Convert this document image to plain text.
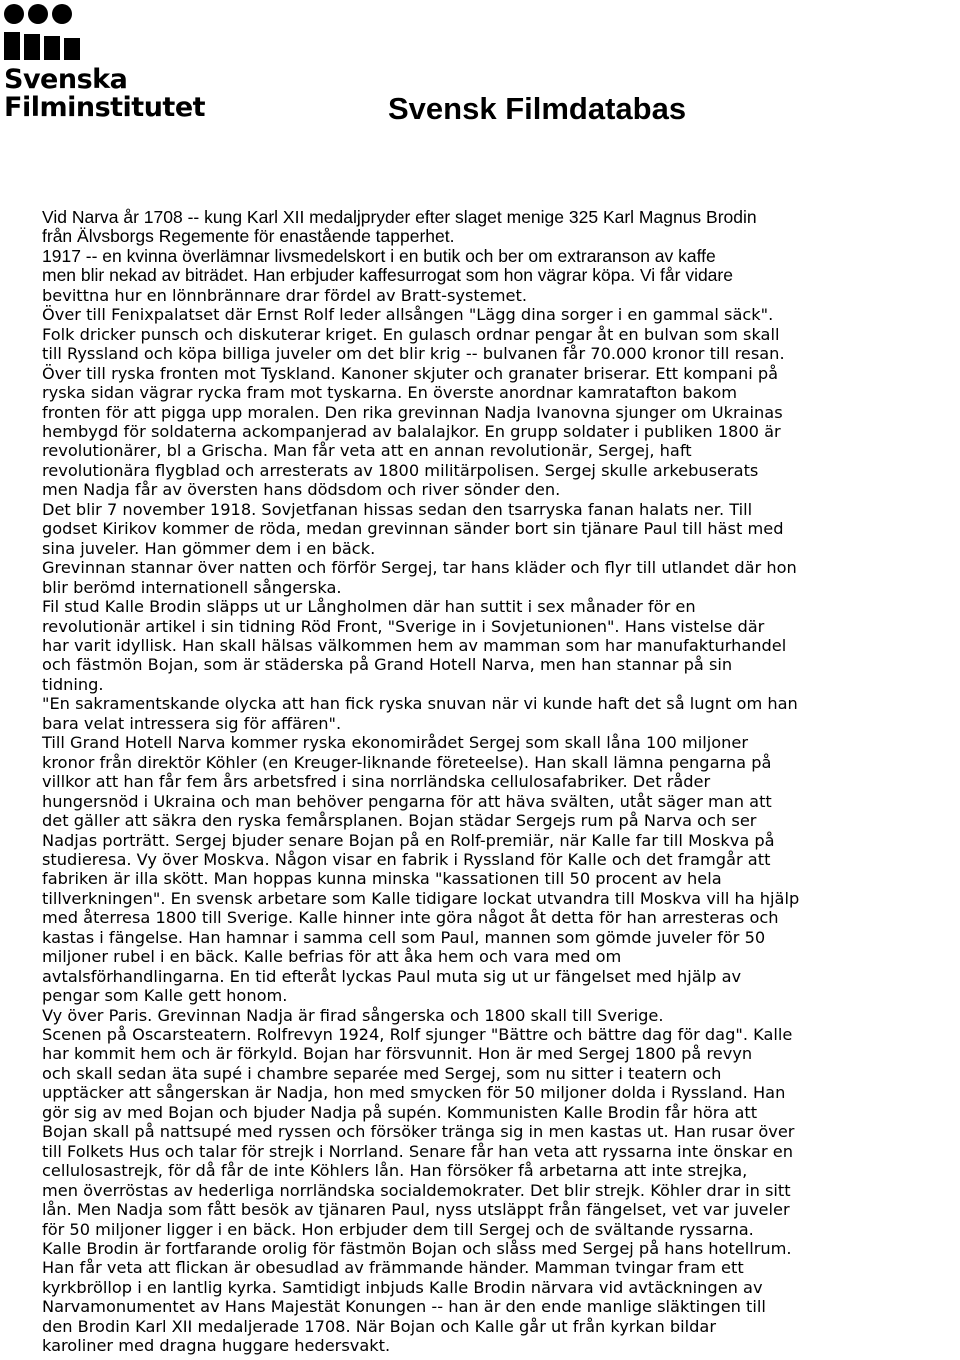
Svenska
Filminstitutet	Svensk Filmdatabas
Vid Narva år 1708 -- kung Karl XII medaljpryder efter slaget menige 325 Karl Magnus Brodin
från Älvsborgs Regemente för enastående tapperhet.
1917 -- en kvinna överlämnar livsmedelskort i en butik och ber om extraranson av kaffe
men blir nekad av biträdet. Han erbjuder kaffesurrogat som hon vägrar köpa. Vi får vidare
bevittna hur en lönnbrännare drar fördel av Bratt-systemet.
Över till Fenixpalatset där Ernst Rolf leder allsången "Lägg dina sorger i en gammal säck".
Folk dricker punsch och diskuterar kriget. En gulasch ordnar pengar åt en bulvan som skall
till Ryssland och köpa billiga juveler om det blir krig -- bulvanen får 70.000 kronor till resan.
Över till ryska fronten mot Tyskland. Kanoner skjuter och granater briserar. Ett kompani på
ryska sidan vägrar rycka fram mot tyskarna. En överste anordnar kamratafton bakom
fronten för att pigga upp moralen. Den rika grevinnan Nadja Ivanovna sjunger om Ukrainas
hembygd för soldaterna ackompanjerad av balalajkor. En grupp soldater i publiken 1800 är
revolutionärer, bl a Grischa. Man får veta att en annan revolutionär, Sergej, haft
revolutionära flygblad och arresterats av 1800 militärpolisen. Sergej skulle arkebuserats
men Nadja får av översten hans dödsdom och river sönder den.
Det blir 7 november 1918. Sovjetfanan hissas sedan den tsarryska fanan halats ner. Till
godset Kirikov kommer de röda, medan grevinnan sänder bort sin tjänare Paul till häst med
sina juveler. Han gömmer dem i en bäck.
Grevinnan stannar över natten och förför Sergej, tar hans kläder och flyr till utlandet där hon
blir berömd internationell sångerska.
Fil stud Kalle Brodin släpps ut ur Långholmen där han suttit i sex månader för en
revolutionär artikel i sin tidning Röd Front, "Sverige in i Sovjetunionen". Hans vistelse där
har varit idyllisk. Han skall hälsas välkommen hem av mamman som har manufakturhandel
och fästmön Bojan, som är städerska på Grand Hotell Narva, men han stannar på sin
tidning.
"En sakramentskande olycka att han fick ryska snuvan när vi kunde haft det så lugnt om han
bara velat intressera sig för affären".
Till Grand Hotell Narva kommer ryska ekonomirådet Sergej som skall låna 100 miljoner
kronor från direktör Köhler (en Kreuger-liknande företeelse). Han skall lämna pengarna på
villkor att han får fem års arbetsfred i sina norrländska cellulosafabriker. Det råder
hungersnöd i Ukraina och man behöver pengarna för att häva svälten, utåt säger man att
det gäller att säkra den ryska femårsplanen. Bojan städar Sergejs rum på Narva och ser
Nadjas porträtt. Sergej bjuder senare Bojan på en Rolf-premiär, när Kalle far till Moskva på
studieresa. Vy över Moskva. Någon visar en fabrik i Ryssland för Kalle och det framgår att
fabriken är illa skött. Man hoppas kunna minska "kassationen till 50 procent av hela
tillverkningen". En svensk arbetare som Kalle tidigare lockat utvandra till Moskva vill ha hjälp
med återresa 1800 till Sverige. Kalle hinner inte göra något åt detta för han arresteras och
kastas i fängelse. Han hamnar i samma cell som Paul, mannen som gömde juveler för 50
miljoner rubel i en bäck. Kalle befrias för att åka hem och vara med om
avtalsförhandlingarna. En tid efteråt lyckas Paul muta sig ut ur fängelset med hjälp av
pengar som Kalle gett honom.
Vy över Paris. Grevinnan Nadja är firad sångerska och 1800 skall till Sverige.
Scenen på Oscarsteatern. Rolfrevyn 1924, Rolf sjunger "Bättre och bättre dag för dag". Kalle
har kommit hem och är förkyld. Bojan har försvunnit. Hon är med Sergej 1800 på revyn
och skall sedan äta supé i chambre separée med Sergej, som nu sitter i teatern och
upptäcker att sångerskan är Nadja, hon med smycken för 50 miljoner dolda i Ryssland. Han
gör sig av med Bojan och bjuder Nadja på supén. Kommunisten Kalle Brodin får höra att
Bojan skall på nattsupé med ryssen och försöker tränga sig in men kastas ut. Han rusar över
till Folkets Hus och talar för strejk i Norrland. Senare får han veta att ryssarna inte önskar en
cellulosastrejk, för då får de inte Köhlers lån. Han försöker få arbetarna att inte strejka,
men överröstas av hederliga norrländska socialdemokrater. Det blir strejk. Köhler drar in sitt
lån. Men Nadja som fått besök av tjänaren Paul, nyss utsläppt från fängelset, vet var juveler
för 50 miljoner ligger i en bäck. Hon erbjuder dem till Sergej och de svältande ryssarna.
Kalle Brodin är fortfarande orolig för fästmön Bojan och slåss med Sergej på hans hotellrum.
Han får veta att flickan är obesudlad av främmande händer. Mamman tvingar fram ett
kyrkbröllop i en lantlig kyrka. Samtidigt inbjuds Kalle Brodin närvara vid avtäckningen av
Narvamonumentet av Hans Majestät Konungen -- han är den ende manlige släktingen till
den Brodin Karl XII medaljerade 1708. När Bojan och Kalle går ut från kyrkan bildar
karoliner med dragna huggare hedersvakt.
